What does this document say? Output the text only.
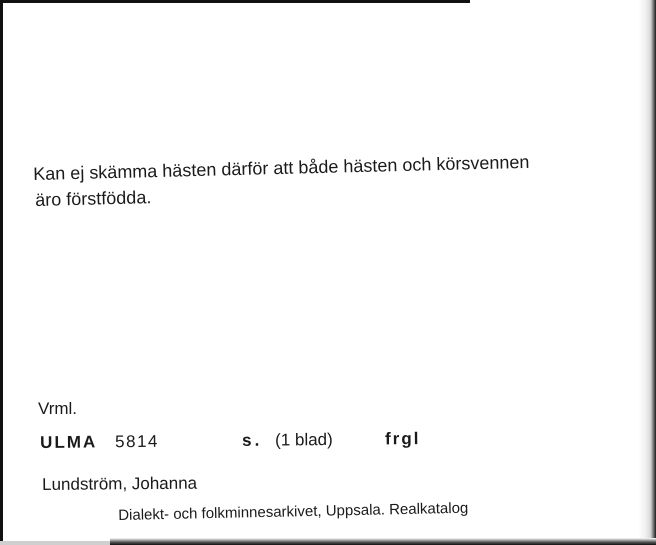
Kan ej skämma hästen därför att både hästen och körsvennen
äro förstfödda.
Vrml.
ULMA 5814	s. (1 blad)	frgl
Lundström, Johanna
Dialekt- och folkminnesarkivet, Uppsala. Realkatalog
